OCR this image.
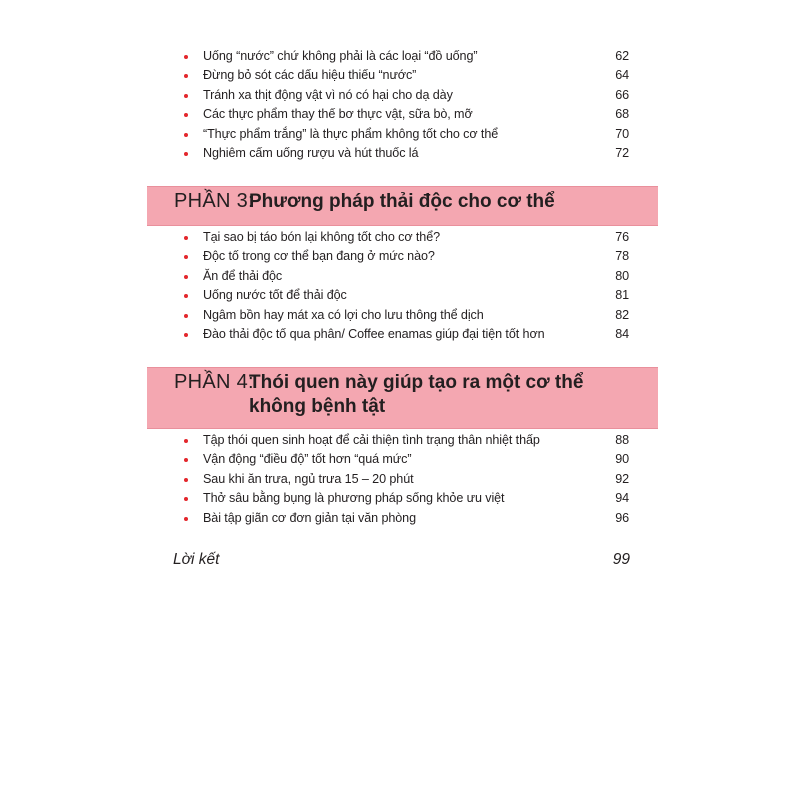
Uống “nước” chứ không phải là các loại “đồ uống”	62
Đừng bỏ sót các dấu hiệu thiếu “nước”	64
Tránh xa thịt động vật vì nó có hại cho dạ dày	66
Các thực phẩm thay thế bơ thực vật, sữa bò, mỡ	68
“Thực phẩm trắng” là thực phẩm không tốt cho cơ thể	70
Nghiêm cấm uống rượu và hút thuốc lá	72
PHẦN 3:
Phương pháp thải độc cho cơ thể
Tại sao bị táo bón lại không tốt cho cơ thể?	76
Độc tố trong cơ thể bạn đang ở mức nào?	78
Ăn để thải độc	80
Uống nước tốt để thải độc	81
Ngâm bồn hay mát xa có lợi cho lưu thông thể dịch	82
Đào thải độc tố qua phân/ Coffee enamas giúp đại tiện tốt hơn	84
PHẦN 4:
Thói quen này giúp tạo ra một cơ thể
không bệnh tật
Tập thói quen sinh hoạt để cải thiện tình trạng thân nhiệt thấp	88
Vận động “điều độ” tốt hơn “quá mức”	90
Sau khi ăn trưa, ngủ trưa 15 – 20 phút	92
Thở sâu bằng bụng là phương pháp sống khỏe ưu việt	94
Bài tập giãn cơ đơn giản tại văn phòng	96
Lời kết	99
